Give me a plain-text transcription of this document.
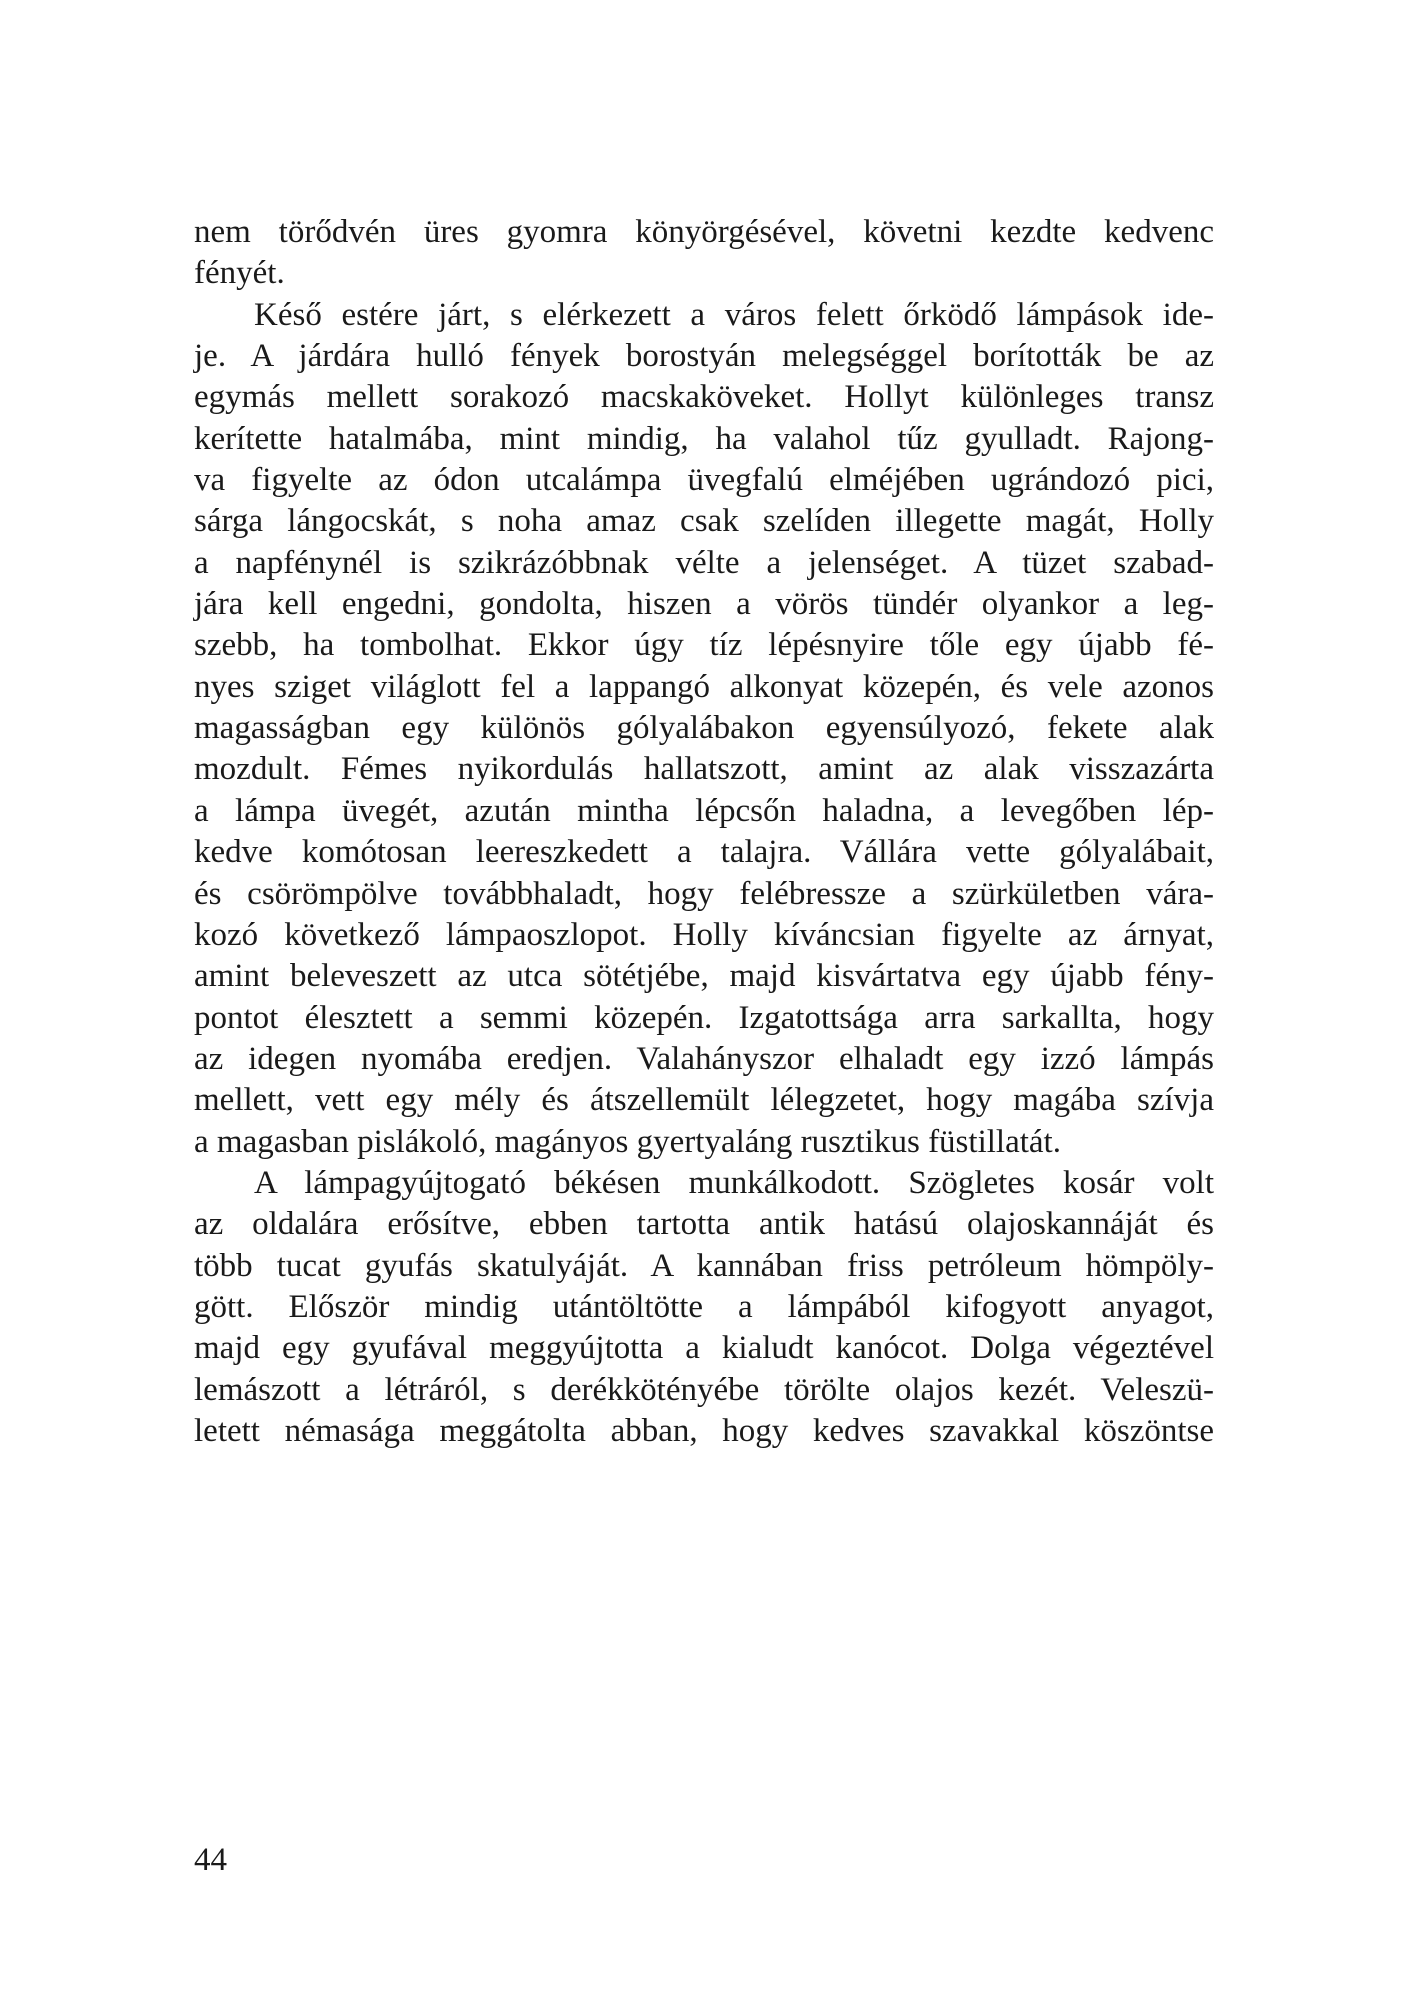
nem törődvén üres gyomra könyörgésével, követni kezdte kedvenc
fényét.
Késő estére járt, s elérkezett a város felett őrködő lámpások ide-
je. A járdára hulló fények borostyán melegséggel borították be az
egymás mellett sorakozó macskaköveket. Hollyt különleges transz
kerítette hatalmába, mint mindig, ha valahol tűz gyulladt. Rajong-
va figyelte az ódon utcalámpa üvegfalú elméjében ugrándozó pici,
sárga lángocskát, s noha amaz csak szelíden illegette magát, Holly
a napfénynél is szikrázóbbnak vélte a jelenséget. A tüzet szabad-
jára kell engedni, gondolta, hiszen a vörös tündér olyankor a leg-
szebb, ha tombolhat. Ekkor úgy tíz lépésnyire tőle egy újabb fé-
nyes sziget világlott fel a lappangó alkonyat közepén, és vele azonos
magasságban egy különös gólyalábakon egyensúlyozó, fekete alak
mozdult. Fémes nyikordulás hallatszott, amint az alak visszazárta
a lámpa üvegét, azután mintha lépcsőn haladna, a levegőben lép-
kedve komótosan leereszkedett a talajra. Vállára vette gólyalábait,
és csörömpölve továbbhaladt, hogy felébressze a szürkületben vára-
kozó következő lámpaoszlopot. Holly kíváncsian figyelte az árnyat,
amint beleveszett az utca sötétjébe, majd kisvártatva egy újabb fény-
pontot élesztett a semmi közepén. Izgatottsága arra sarkallta, hogy
az idegen nyomába eredjen. Valahányszor elhaladt egy izzó lámpás
mellett, vett egy mély és átszellemült lélegzetet, hogy magába szívja
a magasban pislákoló, magányos gyertyaláng rusztikus füstillatát.
A lámpagyújtogató békésen munkálkodott. Szögletes kosár volt
az oldalára erősítve, ebben tartotta antik hatású olajoskannáját és
több tucat gyufás skatulyáját. A kannában friss petróleum hömpöly-
gött. Először mindig utántöltötte a lámpából kifogyott anyagot,
majd egy gyufával meggyújtotta a kialudt kanócot. Dolga végeztével
lemászott a létráról, s derékkötényébe törölte olajos kezét. Veleszü-
letett némasága meggátolta abban, hogy kedves szavakkal köszöntse
44
